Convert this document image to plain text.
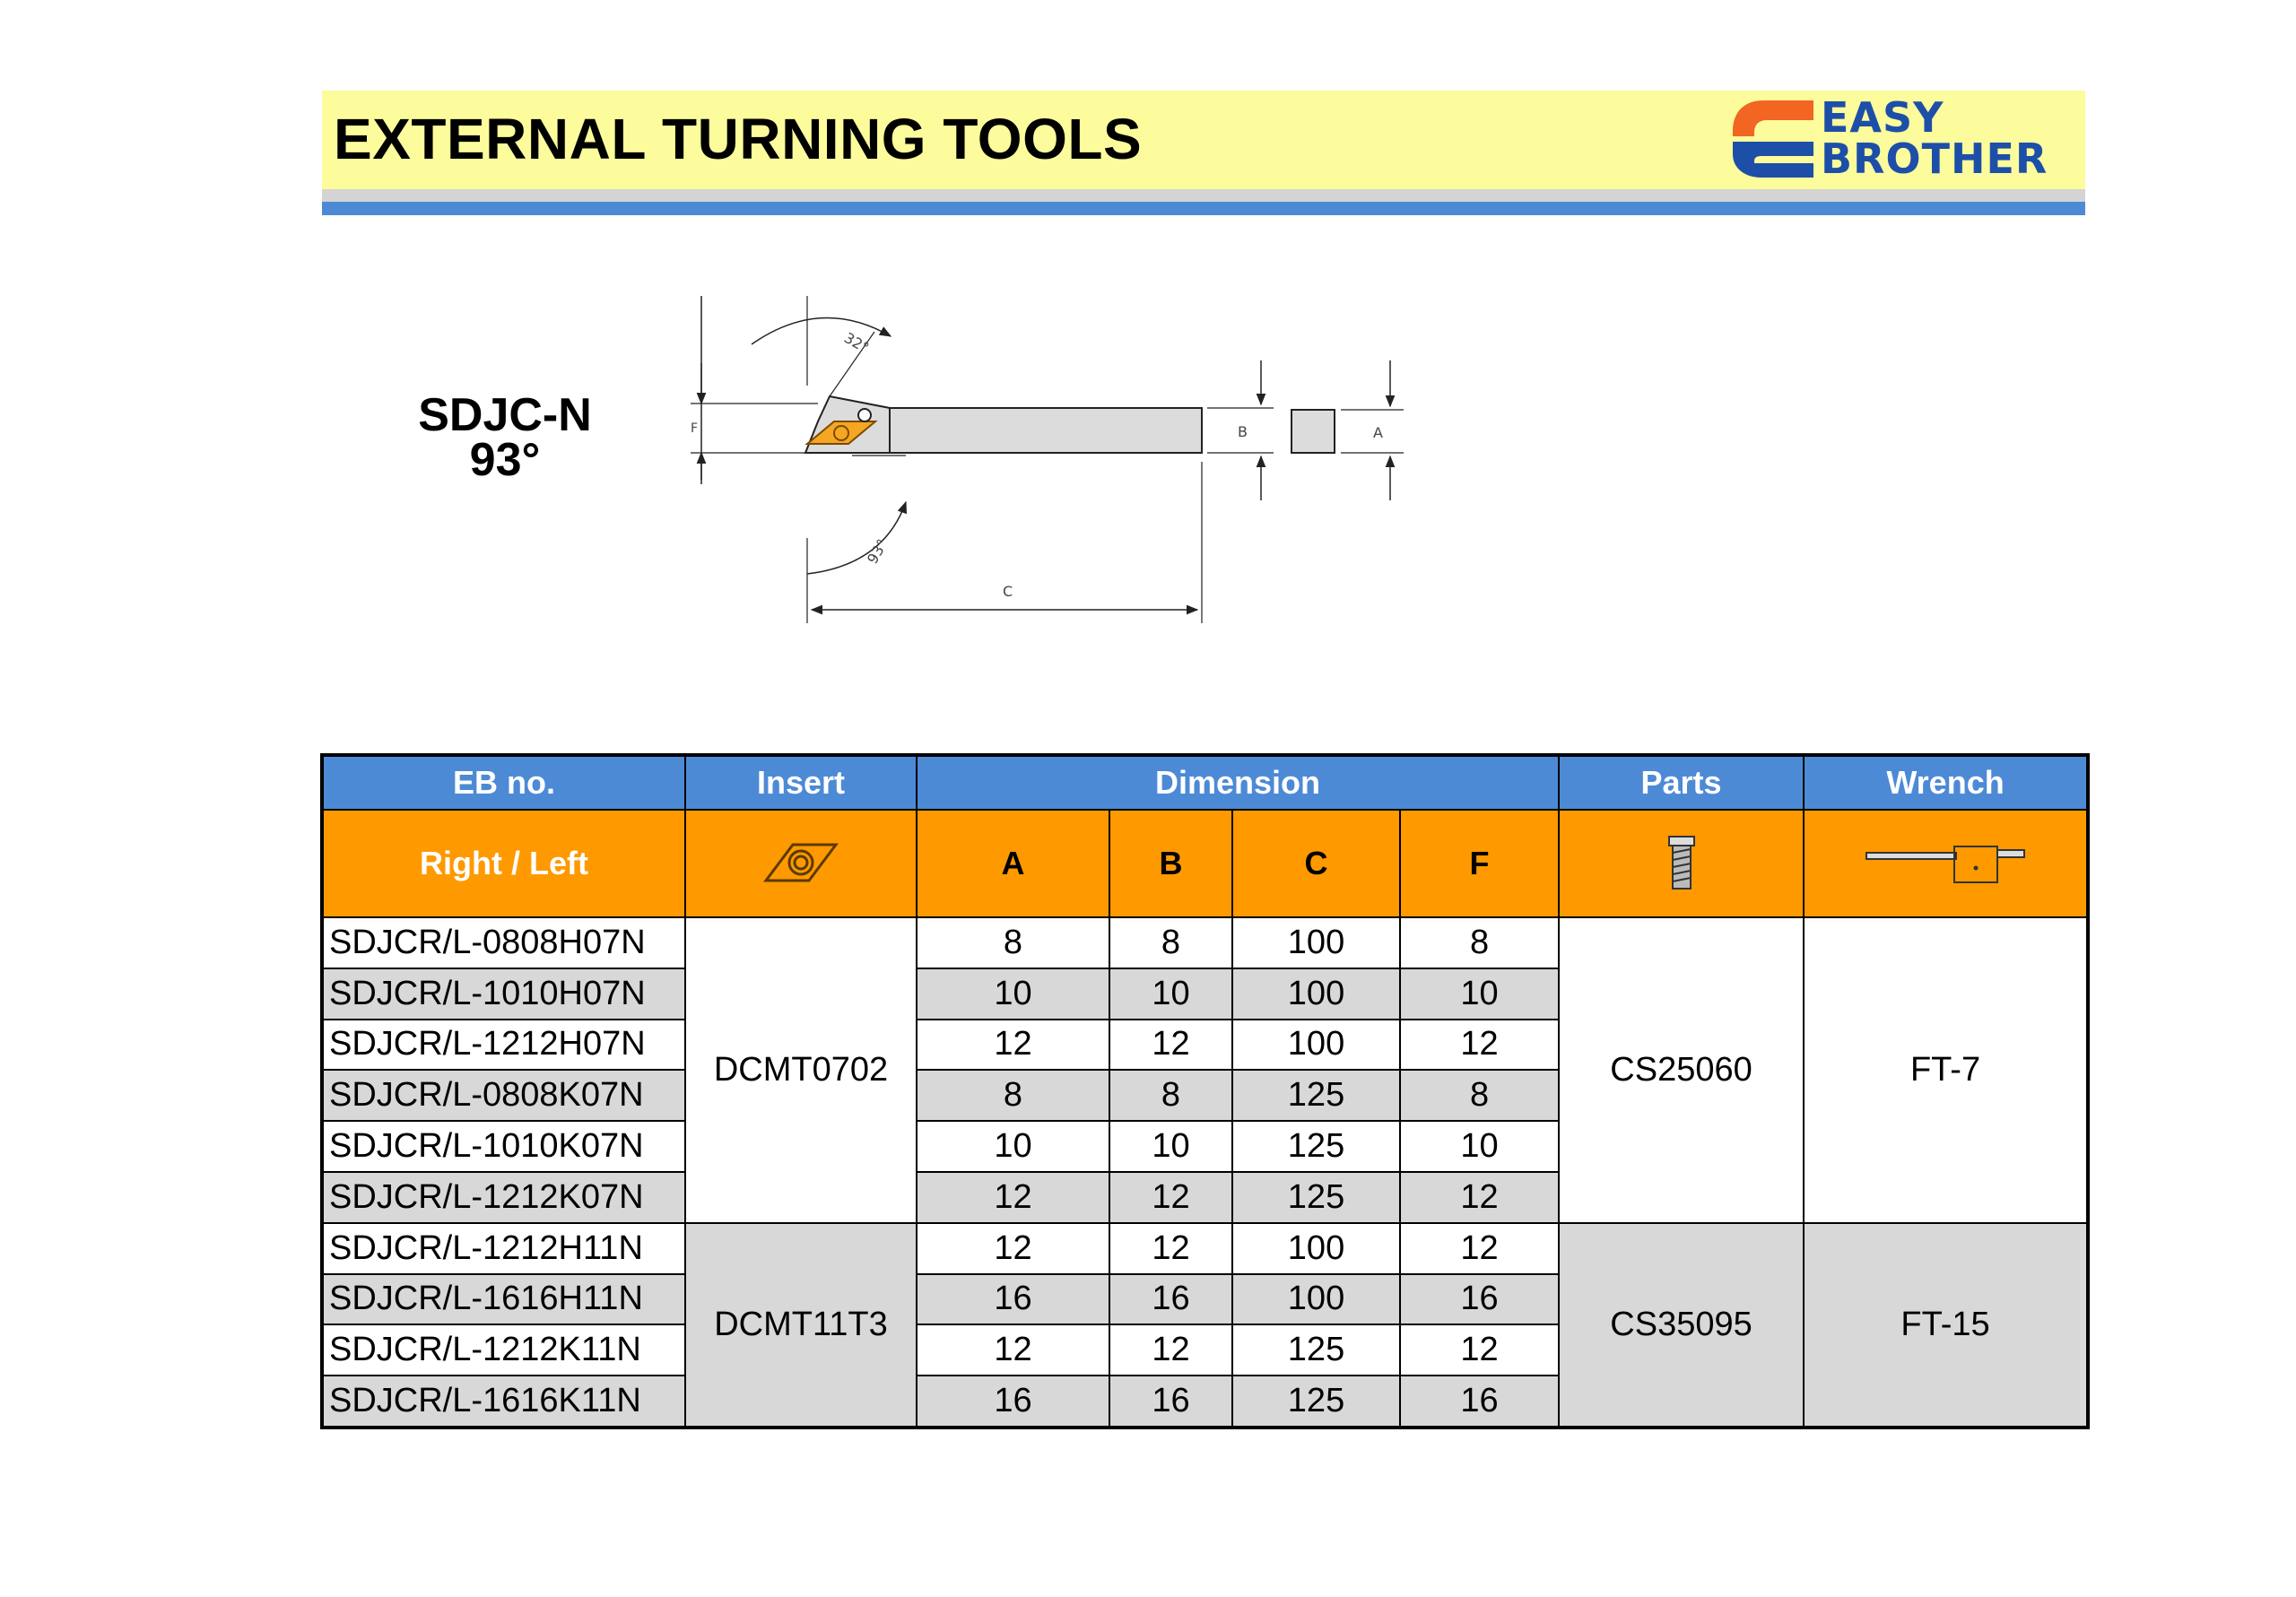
EXTERNAL TURNING TOOLS	EASY
BROTHER
SDJC-N
93°
F
32°
93°
C
B	A
EB no.	Insert	Dimension				Parts	Wrench
Right / Left		A	B	C	F	

SDJCR/L-0808H07N	DCMT0702	8	8	100	8	CS25060	FT-7
SDJCR/L-1010H07N		10	10	100	10		
SDJCR/L-1212H07N		12	12	100	12		
SDJCR/L-0808K07N		8	8	125	8		
SDJCR/L-1010K07N		10	10	125	10		
SDJCR/L-1212K07N		12	12	125	12		
SDJCR/L-1212H11N	DCMT11T3	12	12	100	12	CS35095	FT-15
SDJCR/L-1616H11N		16	16	100	16		
SDJCR/L-1212K11N		12	12	125	12		
SDJCR/L-1616K11N		16	16	125	16		
